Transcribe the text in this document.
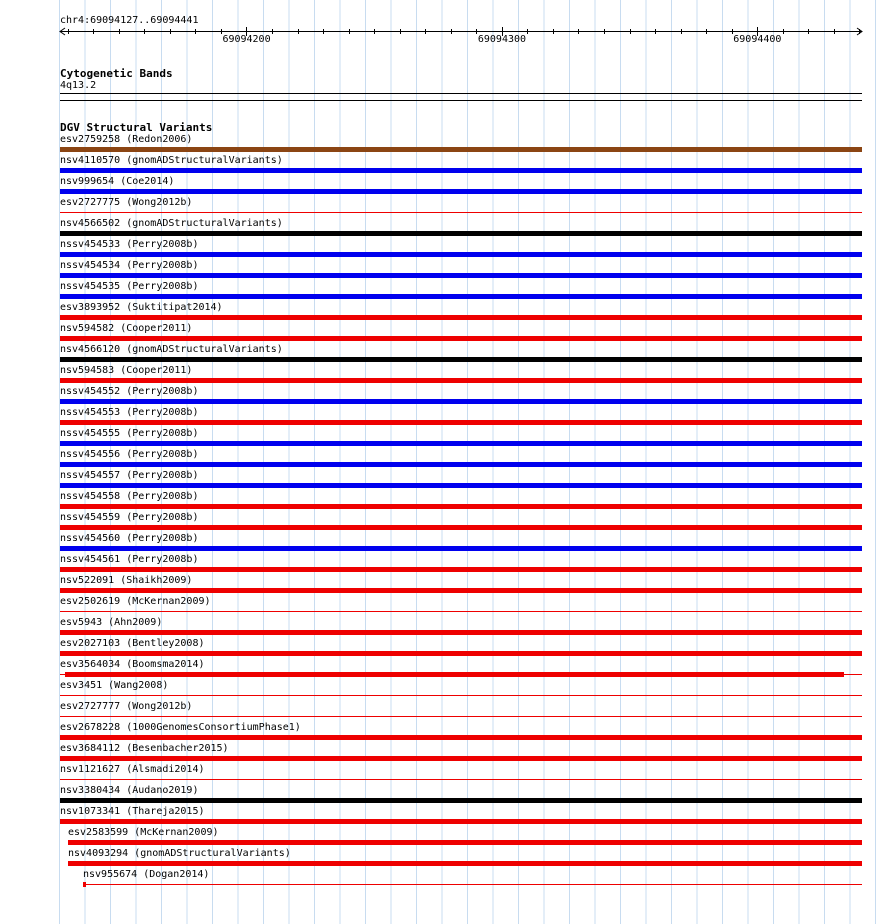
chr4:69094127..69094441
69094200	69094300	69094400
Cytogenetic Bands
4q13.2
DGV Structural Variants
esv2759258 (Redon2006)
nsv4110570 (gnomADStructuralVariants)
nsv999654 (Coe2014)
esv2727775 (Wong2012b)
nsv4566502 (gnomADStructuralVariants)
nssv454533 (Perry2008b)
nssv454534 (Perry2008b)
nssv454535 (Perry2008b)
esv3893952 (Suktitipat2014)
nsv594582 (Cooper2011)
nsv4566120 (gnomADStructuralVariants)
nsv594583 (Cooper2011)
nssv454552 (Perry2008b)
nssv454553 (Perry2008b)
nssv454555 (Perry2008b)
nssv454556 (Perry2008b)
nssv454557 (Perry2008b)
nssv454558 (Perry2008b)
nssv454559 (Perry2008b)
nssv454560 (Perry2008b)
nssv454561 (Perry2008b)
nsv522091 (Shaikh2009)
esv2502619 (McKernan2009)
esv5943 (Ahn2009)
esv2027103 (Bentley2008)
esv3564034 (Boomsma2014)
esv3451 (Wang2008)
esv2727777 (Wong2012b)
esv2678228 (1000GenomesConsortiumPhase1)
esv3684112 (Besenbacher2015)
nsv1121627 (Alsmadi2014)
nsv3380434 (Audano2019)
nsv1073341 (Thareja2015)
esv2583599 (McKernan2009)
nsv4093294 (gnomADStructuralVariants)
nsv955674 (Dogan2014)
